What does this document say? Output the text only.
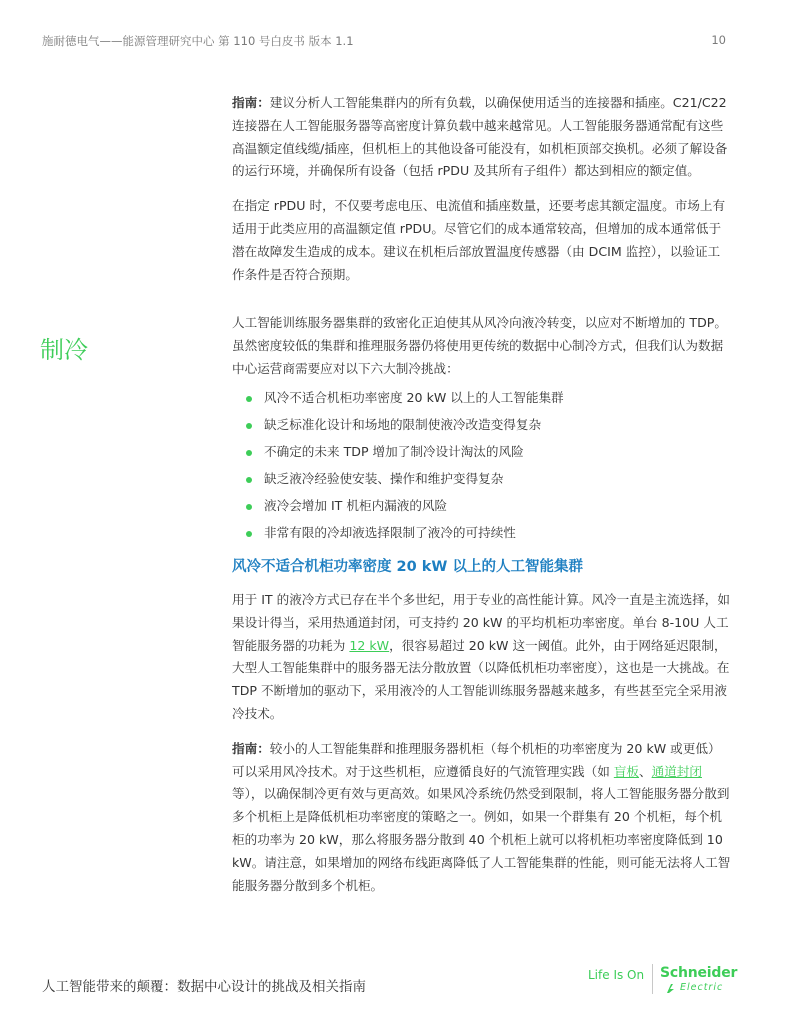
施耐德电气——能源管理研究中心 第 110 号白皮书 版本 1.1	10
制冷

指南：建议分析人工智能集群内的所有负载，以确保使用适当的连接器和插座。C21/C22 连接器在人工智能服务器等高密度计算负载中越来越常见。人工智能服务器通常配有这些高温额定值线缆/插座，但机柜上的其他设备可能没有，如机柜顶部交换机。必须了解设备的运行环境，并确保所有设备（包括 rPDU 及其所有子组件）都达到相应的额定值。

在指定 rPDU 时，不仅要考虑电压、电流值和插座数量，还要考虑其额定温度。市场上有适用于此类应用的高温额定值 rPDU。尽管它们的成本通常较高，但增加的成本通常低于潜在故障发生造成的成本。建议在机柜后部放置温度传感器（由 DCIM 监控），以验证工作条件是否符合预期。

人工智能训练服务器集群的致密化正迫使其从风冷向液冷转变，以应对不断增加的 TDP。虽然密度较低的集群和推理服务器仍将使用更传统的数据中心制冷方式，但我们认为数据中心运营商需要应对以下六大制冷挑战：

风冷不适合机柜功率密度 20 kW 以上的人工智能集群
缺乏标准化设计和场地的限制使液冷改造变得复杂
不确定的未来 TDP 增加了制冷设计淘汰的风险
缺乏液冷经验使安装、操作和维护变得复杂
液冷会增加 IT 机柜内漏液的风险
非常有限的冷却液选择限制了液冷的可持续性
风冷不适合机柜功率密度 20 kW 以上的人工智能集群

用于 IT 的液冷方式已存在半个多世纪，用于专业的高性能计算。风冷一直是主流选择，如果设计得当，采用热通道封闭，可支持约 20 kW 的平均机柜功率密度。单台 8-10U 人工智能服务器的功耗为 12 kW，很容易超过 20 kW 这一阈值。此外，由于网络延迟限制，大型人工智能集群中的服务器无法分散放置（以降低机柜功率密度），这也是一大挑战。在 TDP 不断增加的驱动下，采用液冷的人工智能训练服务器越来越多，有些甚至完全采用液冷技术。

指南：较小的人工智能集群和推理服务器机柜（每个机柜的功率密度为 20 kW 或更低）可以采用风冷技术。对于这些机柜，应遵循良好的气流管理实践（如 盲板、通道封闭等），以确保制冷更有效与更高效。如果风冷系统仍然受到限制，将人工智能服务器分散到多个机柜上是降低机柜功率密度的策略之一。例如，如果一个群集有 20 个机柜，每个机柜的功率为 20 kW，那么将服务器分散到 40 个机柜上就可以将机柜功率密度降低到 10 kW。请注意，如果增加的网络布线距离降低了人工智能集群的性能，则可能无法将人工智能服务器分散到多个机柜。

人工智能带来的颠覆：数据中心设计的挑战及相关指南
Life Is On Schneider
Electric
